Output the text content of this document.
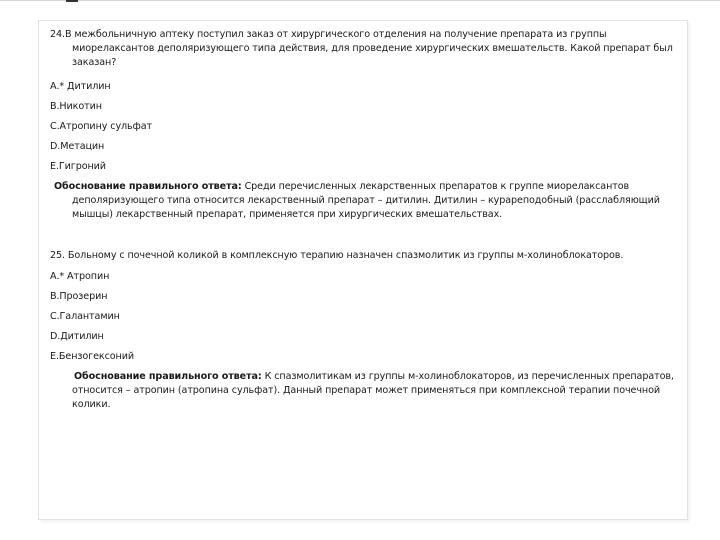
24.В межбольничную аптеку поступил заказ от хирургического отделения на получение препарата из группы миорелаксантов деполяризующего типа действия, для проведение хирургических вмешательств. Какой препарат был заказан?

А.* Дитилин

В.Никотин

С.Атропину сульфат

D.Метацин

Е.Гигроний

Обоснование правильного ответа: Среди перечисленных лекарственных препаратов к группе миорелаксантов деполяризующего типа относится лекарственный препарат – дитилин. Дитилин – курареподобный (расслабляющий мышцы) лекарственный препарат, применяется при хирургических вмешательствах.

25. Больному с почечной коликой в комплексную терапию назначен спазмолитик из группы м-холиноблокаторов.

А.* Атропин

В.Прозерин

С.Галантамин

D.Дитилин

Е.Бензогексоний

Обоснование правильного ответа: К спазмолитикам из группы м-холиноблокаторов, из перечисленных препаратов, относится – атропин (атропина сульфат). Данный препарат может применяться при комплексной терапии почечной колики.
